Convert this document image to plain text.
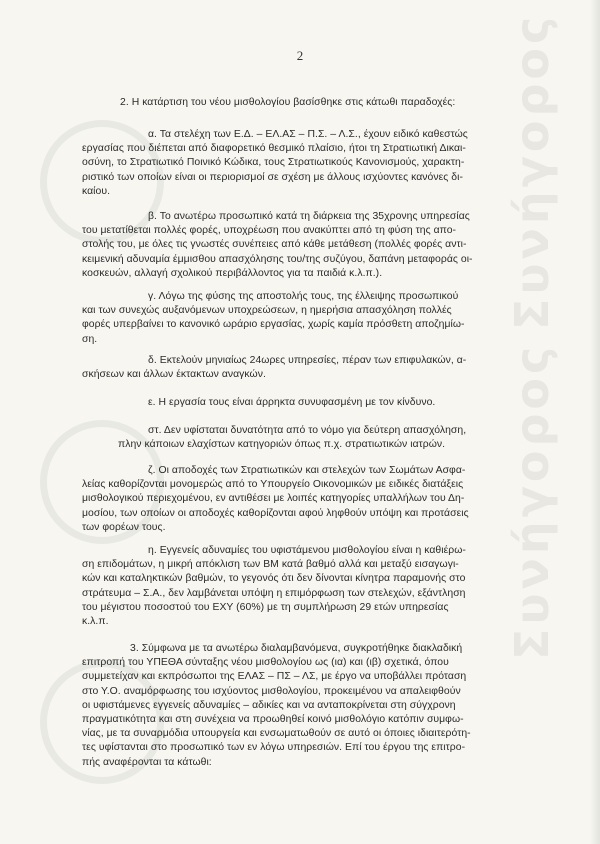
Συνήγορος
Συνήγορος
2
2. Η κατάρτιση του νέου μισθολογίου βασίσθηκε στις κάτωθι παραδοχές:
α. Τα στελέχη των Ε.Δ. – ΕΛ.ΑΣ – Π.Σ. – Λ.Σ., έχουν ειδικό καθεστώς
εργασίας που διέπεται από διαφορετικό θεσμικό πλαίσιο, ήτοι τη Στρατιωτική Δικαι-
οσύνη, το Στρατιωτικό Ποινικό Κώδικα, τους Στρατιωτικούς Κανονισμούς, χαρακτη-
ριστικό των οποίων είναι οι περιορισμοί σε σχέση με άλλους ισχύοντες κανόνες δι-
καίου.
β. Το ανωτέρω προσωπικό κατά τη διάρκεια της 35χρονης υπηρεσίας
του μετατίθεται πολλές φορές, υποχρέωση που ανακύπτει από τη φύση της απο-
στολής του, με όλες τις γνωστές συνέπειες από κάθε μετάθεση (πολλές φορές αντι-
κειμενική αδυναμία έμμισθου απασχόλησης του/της συζύγου, δαπάνη μεταφοράς οι-
κοσκευών, αλλαγή σχολικού περιβάλλοντος για τα παιδιά κ.λ.π.).
γ. Λόγω της φύσης της αποστολής τους, της έλλειψης προσωπικού
και των συνεχώς αυξανόμενων υποχρεώσεων, η ημερήσια απασχόληση πολλές
φορές υπερβαίνει το κανονικό ωράριο εργασίας, χωρίς καμία πρόσθετη αποζημίω-
ση.
δ. Εκτελούν μηνιαίως 24ωρες υπηρεσίες, πέραν των επιφυλακών, α-
σκήσεων και άλλων έκτακτων αναγκών.
ε. Η εργασία τους είναι άρρηκτα συνυφασμένη με τον κίνδυνο.
στ. Δεν υφίσταται δυνατότητα από το νόμο για δεύτερη απασχόληση,
πλην κάποιων ελαχίστων κατηγοριών όπως π.χ. στρατιωτικών ιατρών.
ζ. Οι αποδοχές των Στρατιωτικών και στελεχών των Σωμάτων Ασφα-
λείας καθορίζονται μονομερώς από το Υπουργείο Οικονομικών με ειδικές διατάξεις
μισθολογικού περιεχομένου, εν αντιθέσει με λοιπές κατηγορίες υπαλλήλων του Δη-
μοσίου, των οποίων οι αποδοχές καθορίζονται αφού ληφθούν υπόψη και προτάσεις
των φορέων τους.
η. Εγγενείς αδυναμίες του υφιστάμενου μισθολογίου είναι η καθιέρω-
ση επιδομάτων, η μικρή απόκλιση των ΒΜ κατά βαθμό αλλά και μεταξύ εισαγωγι-
κών και καταληκτικών βαθμών, το γεγονός ότι δεν δίνονται κίνητρα παραμονής στο
στράτευμα – Σ.Α., δεν λαμβάνεται υπόψη η επιμόρφωση των στελεχών, εξάντληση
του μέγιστου ποσοστού του ΕΧΥ (60%) με τη συμπλήρωση 29 ετών υπηρεσίας
κ.λ.π.
3. Σύμφωνα με τα ανωτέρω διαλαμβανόμενα, συγκροτήθηκε διακλαδική
επιτροπή του ΥΠΕΘΑ σύνταξης νέου μισθολογίου ως (ια) και (ιβ) σχετικά, όπου
συμμετείχαν και εκπρόσωποι της ΕΛΑΣ – ΠΣ – ΛΣ, με έργο να υποβάλλει πρόταση
στο Υ.Ο. αναμόρφωσης του ισχύοντος μισθολογίου, προκειμένου να απαλειφθούν
οι υφιστάμενες εγγενείς αδυναμίες – αδικίες και να ανταποκρίνεται στη σύγχρονη
πραγματικότητα και στη συνέχεια να προωθηθεί κοινό μισθολόγιο κατόπιν συμφω-
νίας, με τα συναρμόδια υπουργεία και ενσωματωθούν σε αυτό οι όποιες ιδιαιτερότη-
τες υφίστανται στο προσωπικό των εν λόγω υπηρεσιών. Επί του έργου της επιτρο-
πής αναφέρονται τα κάτωθι:
